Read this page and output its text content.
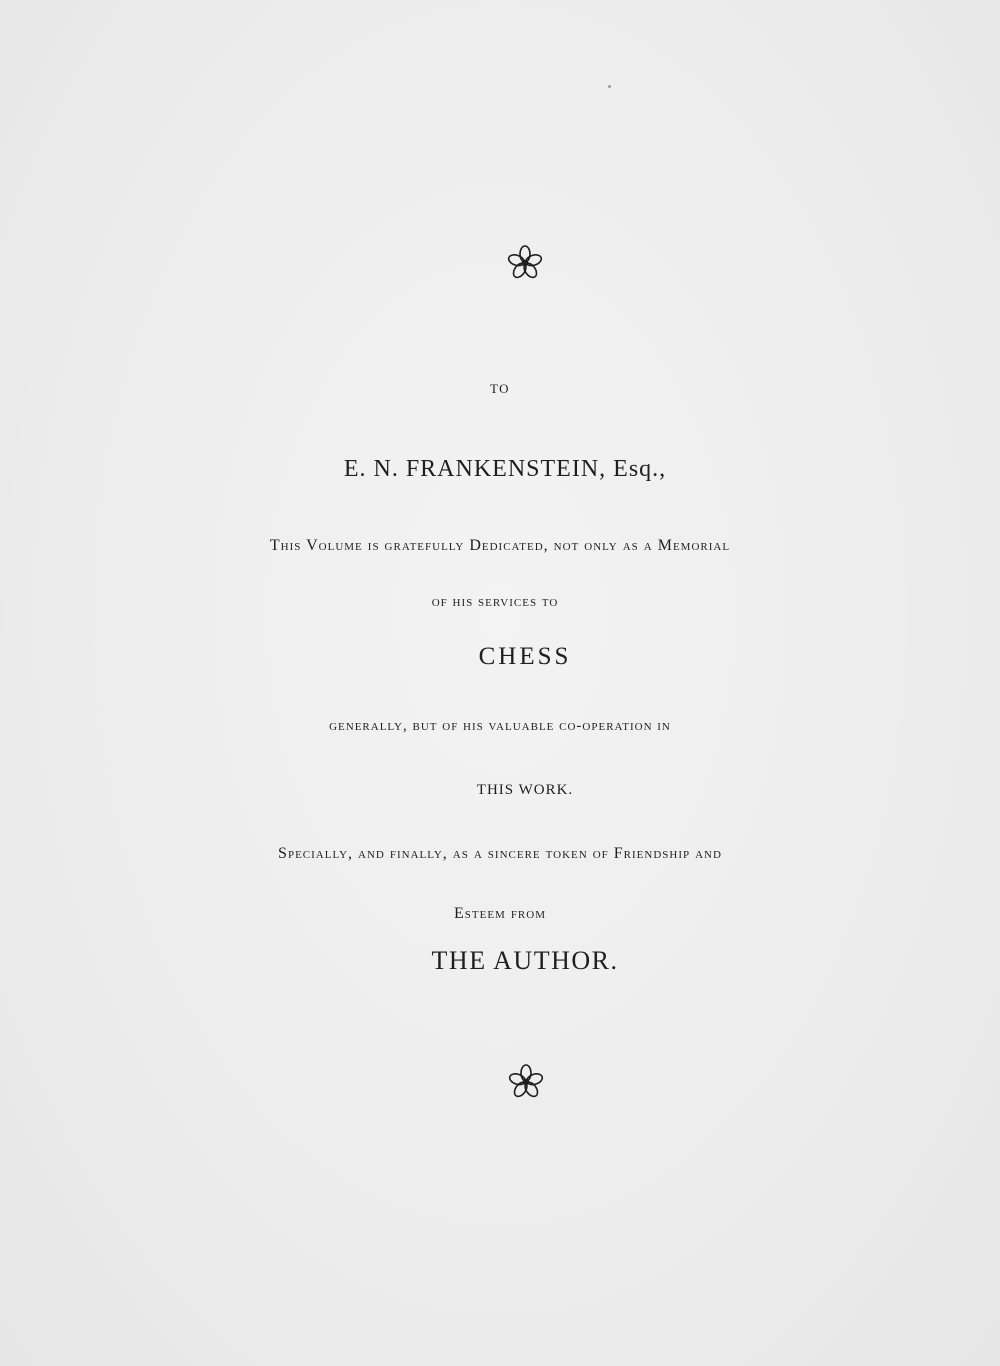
TO
E. N. FRANKENSTEIN, Esq.,
This Volume is gratefully Dedicated, not only as a Memorial
of his services to
CHESS
generally, but of his valuable co-operation in
THIS WORK.
Specially, and finally, as a sincere token of Friendship and
Esteem from
THE AUTHOR.
